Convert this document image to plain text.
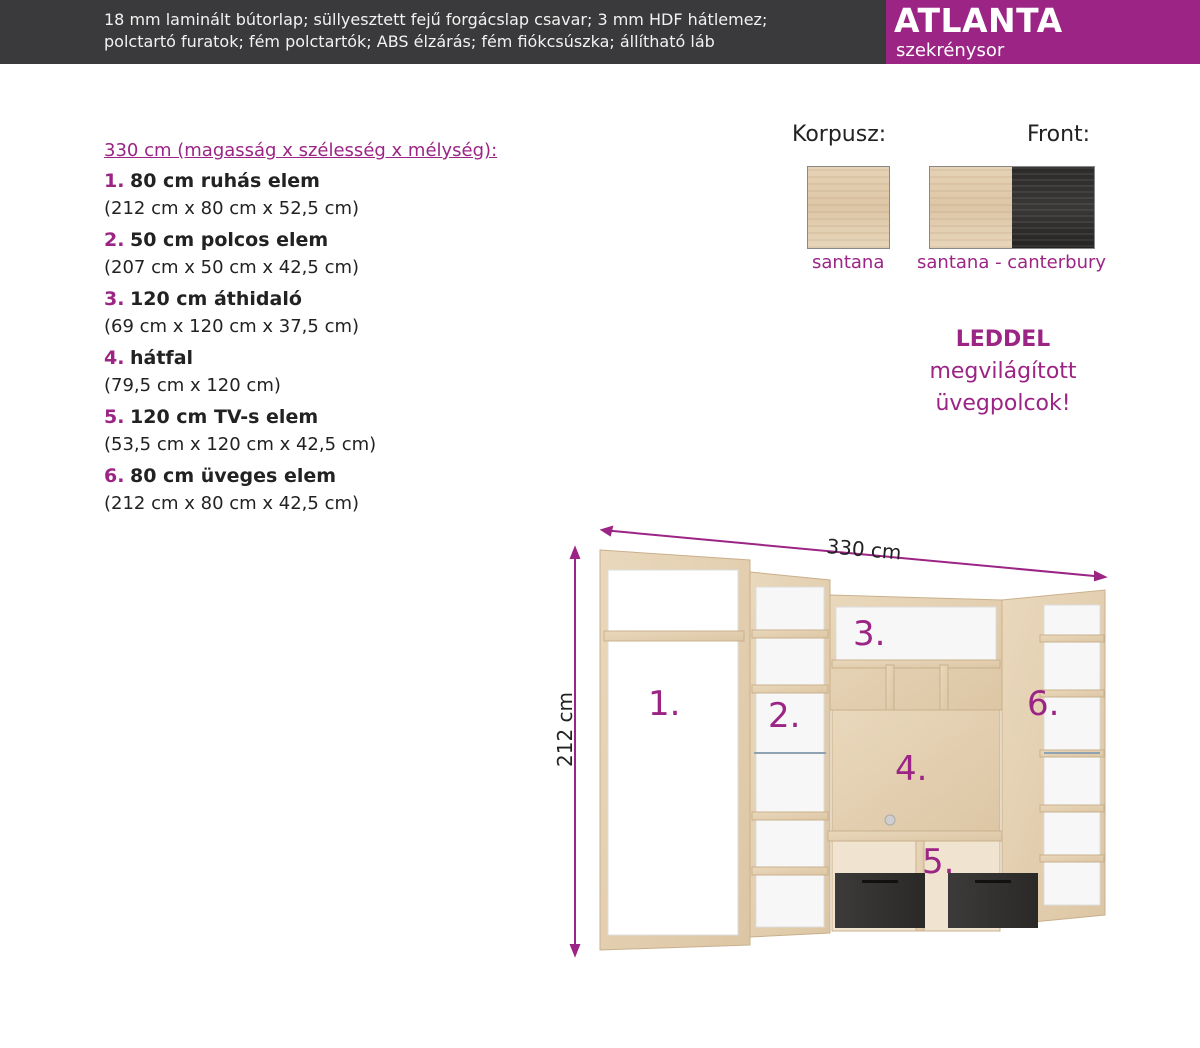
18 mm laminált bútorlap; süllyesztett fejű forgácslap csavar; 3 mm HDF hátlemez;
polctartó furatok; fém polctartók; ABS élzárás; fém fiókcsúszka; állítható láb
ATLANTA
szekrénysor
330 cm (magasság x szélesség x mélység):
1. 80 cm ruhás elem
(212 cm x 80 cm x 52,5 cm)
2. 50 cm polcos elem
(207 cm x 50 cm x 42,5 cm)
3. 120 cm áthidaló
(69 cm x 120 cm x 37,5 cm)
4. hátfal
(79,5 cm x 120 cm)
5. 120 cm TV-s elem
(53,5 cm x 120 cm x 42,5 cm)
6. 80 cm üveges elem
(212 cm x 80 cm x 42,5 cm)
Korpusz:	Front:
santana santana - canterbury
LEDDEL
megvilágított
üvegpolcok!
330 cm
212 cm 1.	2.
3.
4.
5.
6.
